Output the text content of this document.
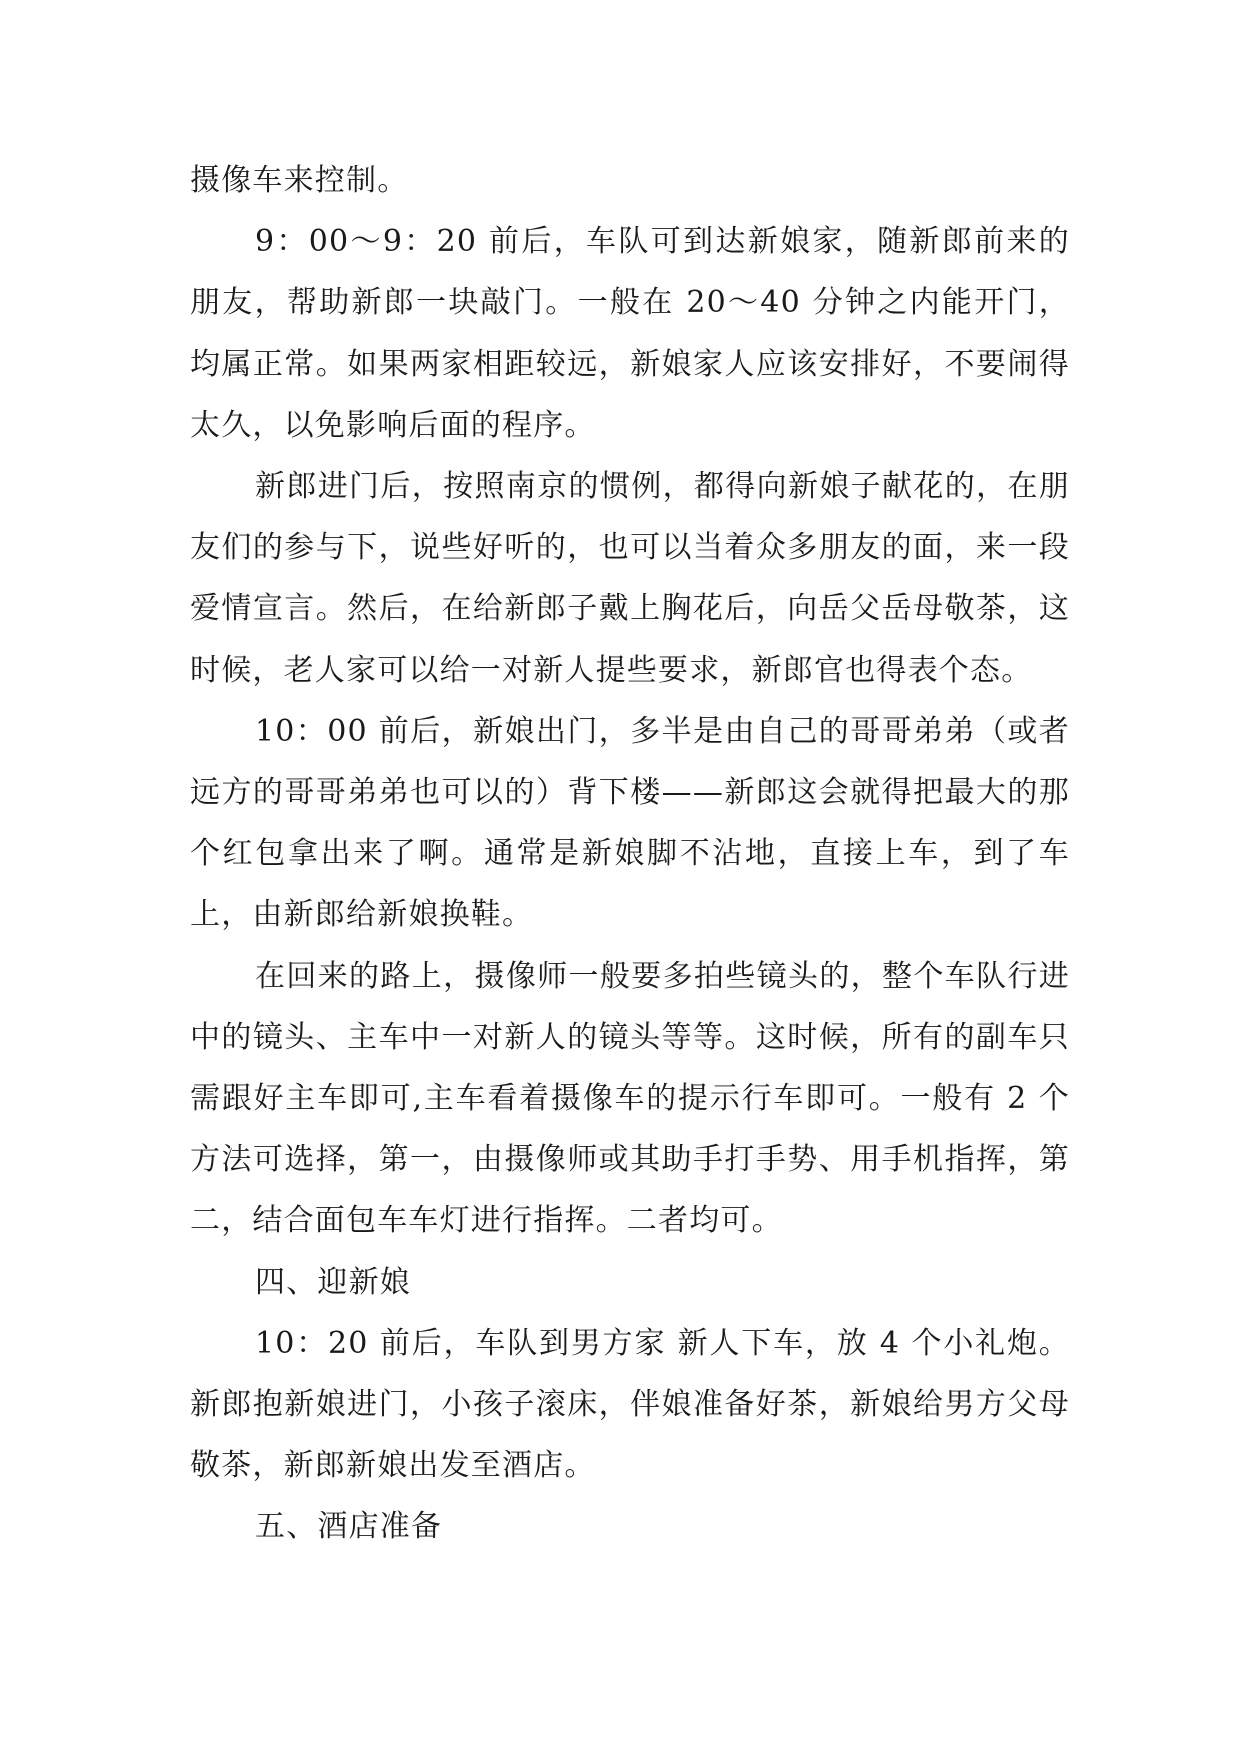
摄像车来控制。

9：00～9：20 前后，车队可到达新娘家，随新郎前来的朋友，帮助新郎一块敲门。一般在 20～40 分钟之内能开门，均属正常。如果两家相距较远，新娘家人应该安排好，不要闹得太久，以免影响后面的程序。

新郎进门后，按照南京的惯例，都得向新娘子献花的，在朋友们的参与下，说些好听的，也可以当着众多朋友的面，来一段爱情宣言。然后，在给新郎子戴上胸花后，向岳父岳母敬茶，这时候，老人家可以给一对新人提些要求，新郎官也得表个态。

10：00 前后，新娘出门，多半是由自己的哥哥弟弟（或者远方的哥哥弟弟也可以的）背下楼——新郎这会就得把最大的那个红包拿出来了啊。通常是新娘脚不沾地，直接上车，到了车上，由新郎给新娘换鞋。

在回来的路上，摄像师一般要多拍些镜头的，整个车队行进中的镜头、主车中一对新人的镜头等等。这时候，所有的副车只需跟好主车即可,主车看着摄像车的提示行车即可。一般有 2 个方法可选择，第一，由摄像师或其助手打手势、用手机指挥，第二，结合面包车车灯进行指挥。二者均可。

四、迎新娘

10：20 前后，车队到男方家 新人下车，放 4 个小礼炮。新郎抱新娘进门，小孩子滚床，伴娘准备好茶，新娘给男方父母敬茶，新郎新娘出发至酒店。

五、酒店准备
